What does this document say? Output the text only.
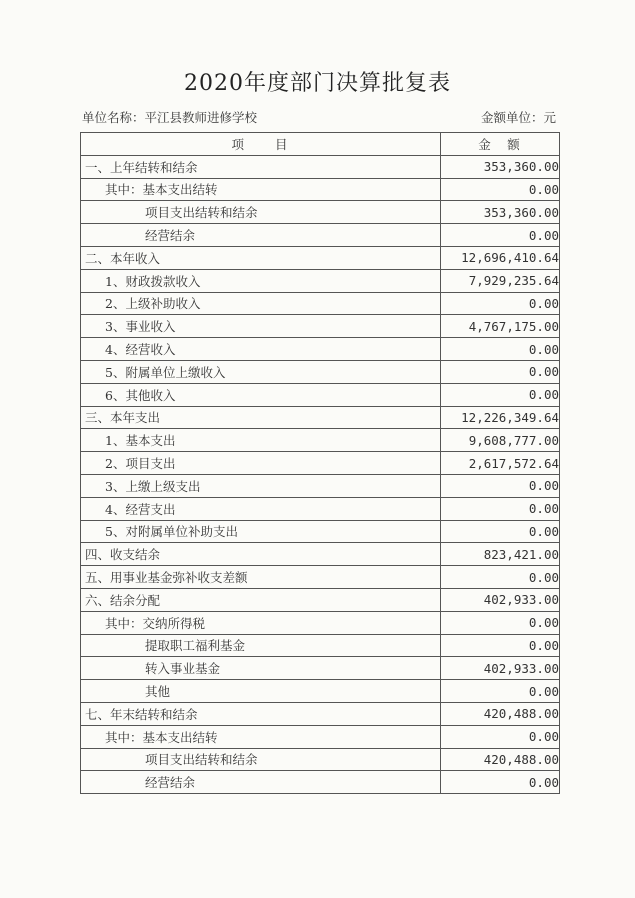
2020年度部门决算批复表
单位名称：平江县教师进修学校	金额单位：元
项　　目	金　额
一、上年结转和结余	353,360.00
其中：基本支出结转	0.00
项目支出结转和结余	353,360.00
经营结余	0.00
二、本年收入	12,696,410.64
1、财政拨款收入	7,929,235.64
2、上级补助收入	0.00
3、事业收入	4,767,175.00
4、经营收入	0.00
5、附属单位上缴收入	0.00
6、其他收入	0.00
三、本年支出	12,226,349.64
1、基本支出	9,608,777.00
2、项目支出	2,617,572.64
3、上缴上级支出	0.00
4、经营支出	0.00
5、对附属单位补助支出	0.00
四、收支结余	823,421.00
五、用事业基金弥补收支差额	0.00
六、结余分配	402,933.00
其中：交纳所得税	0.00
提取职工福利基金	0.00
转入事业基金	402,933.00
其他	0.00
七、年末结转和结余	420,488.00
其中：基本支出结转	0.00
项目支出结转和结余	420,488.00
经营结余	0.00
